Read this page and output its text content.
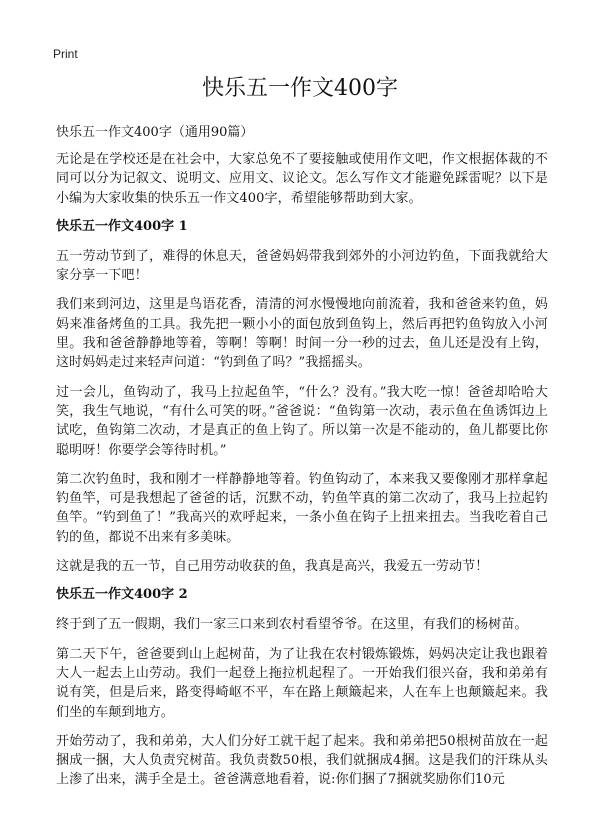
Print
快乐五一作文400字

快乐五一作文400字（通用90篇）

无论是在学校还是在社会中，大家总免不了要接触或使用作文吧，作文根据体裁的不同可以分为记叙文、说明文、应用文、议论文。怎么写作文才能避免踩雷呢？以下是小编为大家收集的快乐五一作文400字，希望能够帮助到大家。

快乐五一作文400字 1

五一劳动节到了，难得的休息天，爸爸妈妈带我到郊外的小河边钓鱼，下面我就给大家分享一下吧！

我们来到河边，这里是鸟语花香，清清的河水慢慢地向前流着，我和爸爸来钓鱼，妈妈来准备烤鱼的工具。我先把一颗小小的面包放到鱼钩上，然后再把钓鱼钩放入小河里。我和爸爸静静地等着，等啊！等啊！时间一分一秒的过去，鱼儿还是没有上钩，这时妈妈走过来轻声问道：“钓到鱼了吗？”我摇摇头。

过一会儿，鱼钩动了，我马上拉起鱼竿，“什么？没有。”我大吃一惊！爸爸却哈哈大笑，我生气地说，“有什么可笑的呀。”爸爸说：“鱼钩第一次动，表示鱼在鱼诱饵边上试吃，鱼钩第二次动，才是真正的鱼上钩了。所以第一次是不能动的，鱼儿都要比你聪明呀！你要学会等待时机。”

第二次钓鱼时，我和刚才一样静静地等着。钓鱼钩动了，本来我又要像刚才那样拿起钓鱼竿，可是我想起了爸爸的话，沉默不动，钓鱼竿真的第二次动了，我马上拉起钓鱼竿。“钓到鱼了！”我高兴的欢呼起来，一条小鱼在钩子上扭来扭去。当我吃着自己钓的鱼，都说不出来有多美味。

这就是我的五一节，自己用劳动收获的鱼，我真是高兴，我爱五一劳动节！

快乐五一作文400字 2

终于到了五一假期，我们一家三口来到农村看望爷爷。在这里，有我们的杨树苗。

第二天下午，爸爸要到山上起树苗，为了让我在农村锻炼锻炼，妈妈决定让我也跟着大人一起去上山劳动。我们一起登上拖拉机起程了。一开始我们很兴奋，我和弟弟有说有笑，但是后来，路变得崎岖不平，车在路上颠簸起来，人在车上也颠簸起来。我们坐的车颠到地方。

开始劳动了，我和弟弟，大人们分好工就干起了起来。我和弟弟把50根树苗放在一起捆成一捆，大人负责究树苗。我负责数50根，我们就捆成4捆。这是我们的汗珠从头上渗了出来，满手全是土。爸爸满意地看着，说:你们捆了7捆就奖励你们10元
